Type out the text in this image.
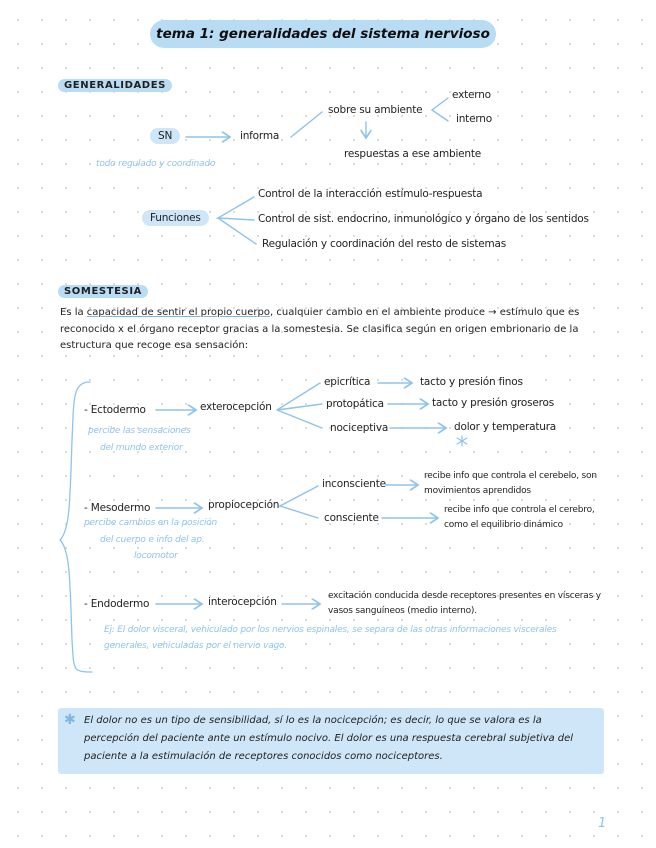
tema 1: generalidades del sistema nervioso
GENERALIDADES
SN
todo regulado y coordinado
informa
sobre su ambiente
externo
interno
respuestas a ese ambiente
Funciones
Control de la interacción estímulo-respuesta
Control de sist. endocrino, inmunológico y órgano de los sentidos
Regulación y coordinación del resto de sistemas
SOMESTESIA
Es la capacidad de sentir el propio cuerpo, cualquier cambio en el ambiente produce → estímulo que es reconocido x el órgano receptor gracias a la somestesia. Se clasifica según en origen embrionario de la estructura que recoge esa sensación:
- Ectodermo
percibe las sensaciones
del mundo exterior
exterocepción
epicrítica	tacto y presión finos
protopática	tacto y presión groseros
nociceptiva	dolor y temperatura
- Mesodermo
percibe cambios en la posición
del cuerpo e info del ap.
locomotor
propiocepción
inconsciente
recibe info que controla el cerebelo, son
movimientos aprendidos
consciente
recibe info que controla el cerebro,
como el equilibrio dinámico
- Endodermo	interocepción	excitación conducida desde receptores presentes en vísceras y
vasos sanguíneos (medio interno).
Ej: El dolor visceral, vehiculado por los nervios espinales, se separa de las otras informaciones viscerales
generales, vehiculadas por el nervio vago.
✱ El dolor no es un tipo de sensibilidad, sí lo es la nocicepción; es decir, lo que se valora es la percepción del paciente ante un estímulo nocivo. El dolor es una respuesta cerebral subjetiva del paciente a la estimulación de receptores conocidos como nociceptores.
1
